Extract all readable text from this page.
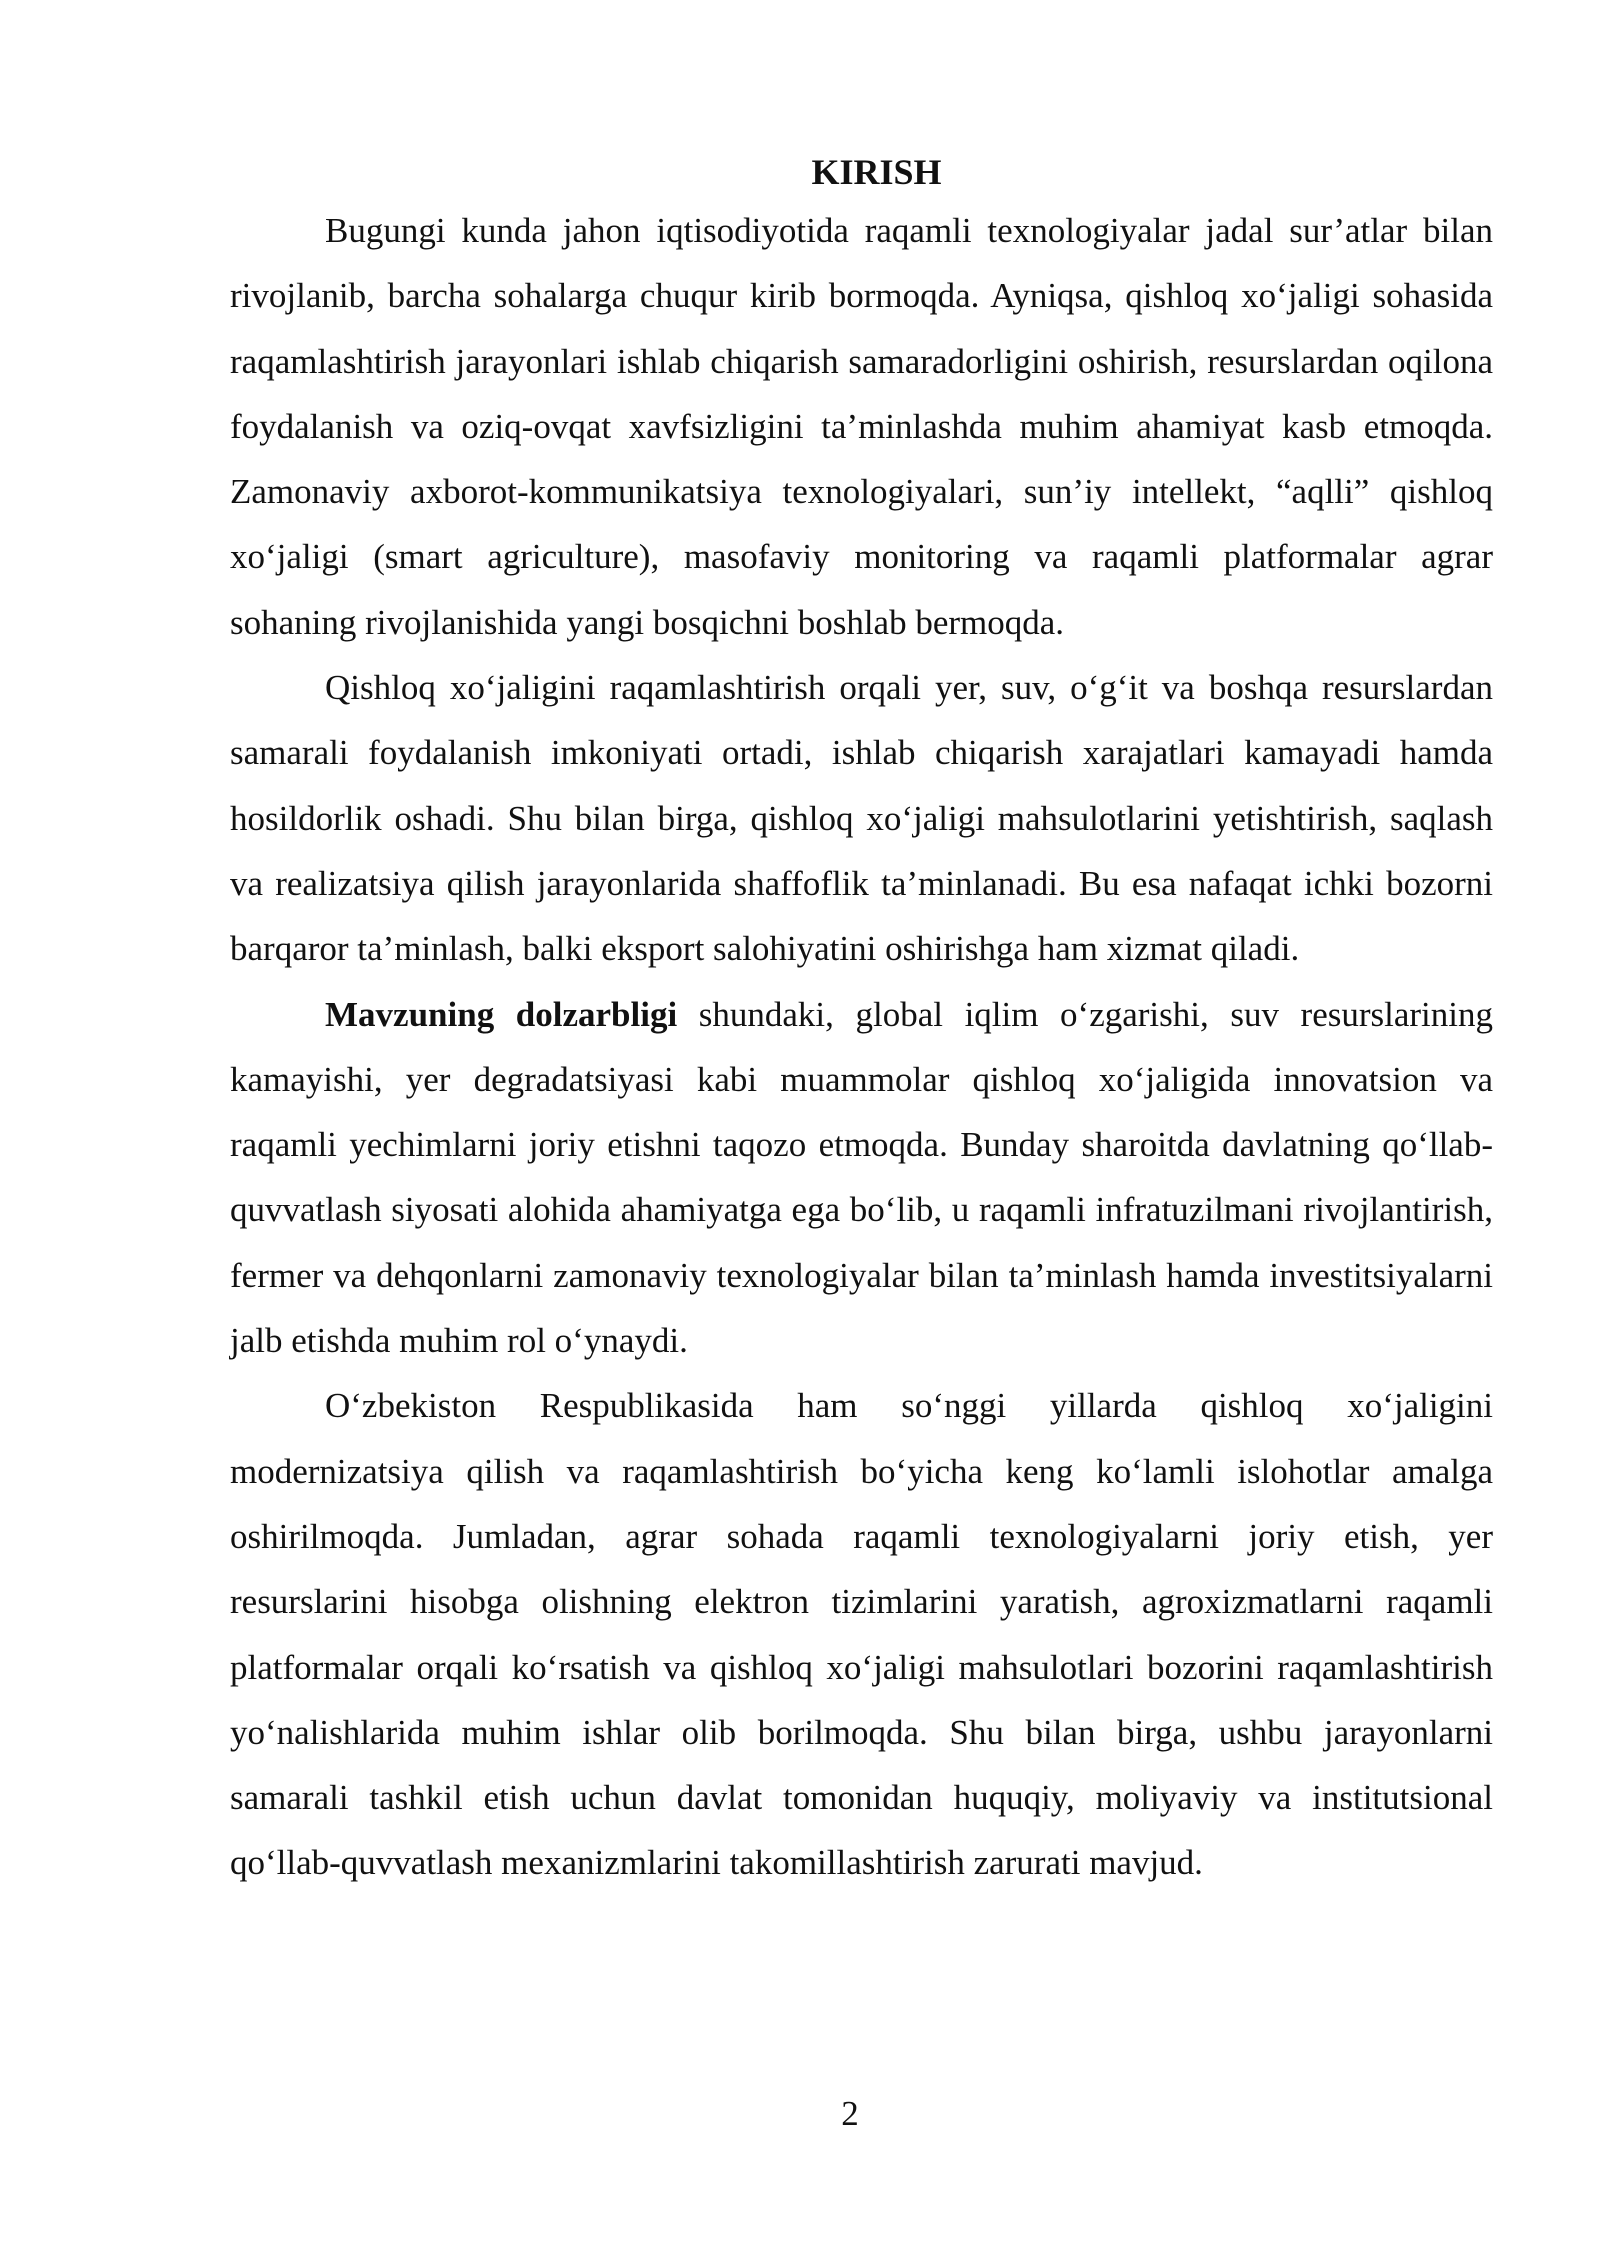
KIRISH

Bugungi kunda jahon iqtisodiyotida raqamli texnologiyalar jadal sur’atlar bilan rivojlanib, barcha sohalarga chuqur kirib bormoqda. Ayniqsa, qishloq xo‘jaligi sohasida raqamlashtirish jarayonlari ishlab chiqarish samaradorligini oshirish, resurslardan oqilona foydalanish va oziq-ovqat xavfsizligini ta’minlashda muhim ahamiyat kasb etmoqda. Zamonaviy axborot-kommunikatsiya texnologiyalari, sun’iy intellekt, “aqlli” qishloq xo‘jaligi (smart agriculture), masofaviy monitoring va raqamli platformalar agrar sohaning rivojlanishida yangi bosqichni boshlab bermoqda.

Qishloq xo‘jaligini raqamlashtirish orqali yer, suv, o‘g‘it va boshqa resurslardan samarali foydalanish imkoniyati ortadi, ishlab chiqarish xarajatlari kamayadi hamda hosildorlik oshadi. Shu bilan birga, qishloq xo‘jaligi mahsulotlarini yetishtirish, saqlash va realizatsiya qilish jarayonlarida shaffoflik ta’minlanadi. Bu esa nafaqat ichki bozorni barqaror ta’minlash, balki eksport salohiyatini oshirishga ham xizmat qiladi.

Mavzuning dolzarbligi shundaki, global iqlim o‘zgarishi, suv resurslarining kamayishi, yer degradatsiyasi kabi muammolar qishloq xo‘jaligida innovatsion va raqamli yechimlarni joriy etishni taqozo etmoqda. Bunday sharoitda davlatning qo‘llab-quvvatlash siyosati alohida ahamiyatga ega bo‘lib, u raqamli infratuzilmani rivojlantirish, fermer va dehqonlarni zamonaviy texnologiyalar bilan ta’minlash hamda investitsiyalarni jalb etishda muhim rol o‘ynaydi.

O‘zbekiston Respublikasida ham so‘nggi yillarda qishloq xo‘jaligini modernizatsiya qilish va raqamlashtirish bo‘yicha keng ko‘lamli islohotlar amalga oshirilmoqda. Jumladan, agrar sohada raqamli texnologiyalarni joriy etish, yer resurslarini hisobga olishning elektron tizimlarini yaratish, agroxizmatlarni raqamli platformalar orqali ko‘rsatish va qishloq xo‘jaligi mahsulotlari bozorini raqamlashtirish yo‘nalishlarida muhim ishlar olib borilmoqda. Shu bilan birga, ushbu jarayonlarni samarali tashkil etish uchun davlat tomonidan huquqiy, moliyaviy va institutsional qo‘llab-quvvatlash mexanizmlarini takomillashtirish zarurati mavjud.

2
